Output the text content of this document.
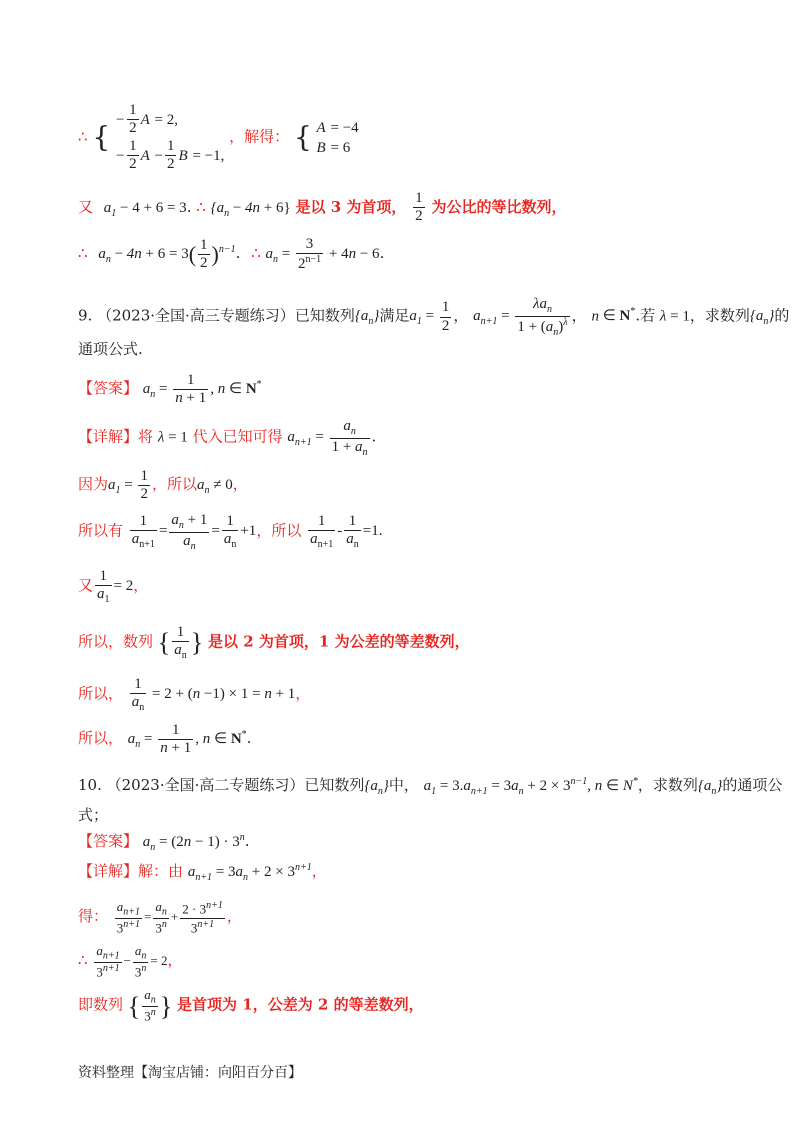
∴ {
− $\frac{1}{2}$ A = 2,
− $\frac{1}{2}$ $A - \frac{1}{2}$ B = −1,
，解得： { A = −4
B = 6
又 $a_1 - 4 + 6 = 3$. ∴ $\{a_n - 4n + 6\}$ 是以 3 为首项， $\frac{1}{2}$ 为公比的等比数列，
∴ $a_n - 4n + 6 = 3( \frac{1}{2} )^{n-1}$. ∴ $a_n = \frac{3}{2^{n-1}} + 4n - 6$.
9. （2023·全国·高三专题练习）已知数列$\{a_n\}$满足$a_1 = \frac{1}{2}$ ， $a_{n+1} = \frac{\lambda a_n}{1 + (a_n)^\lambda}$ ， n ∈ N*.若 λ = 1，求数列$\{a_n\}$的
通项公式.
【答案】 $a_n = \frac{1}{n + 1}$ , n ∈ N*
【详解】将 λ = 1 代入已知可得 $a_{n+1} = \frac{a_n}{1 + a_n}$ .
因为$a_1 = \frac{1}{2}$ ，所以$a_n \ne 0$，
所以有 $\frac{1}{a_{n+1}} = \frac{a_n + 1}{a_n} = \frac{1}{a_n} +1$，所以 $\frac{1}{a_{n+1}} - \frac{1}{a_n} =1$.
又 $\frac{1}{a_1} = 2$，
所以，数列 { $\frac{1}{a_n}$ } 是以 2 为首项，1 为公差的等差数列，
所以， $\frac{1}{a_n} = 2 + (n -1) \times 1 = n + 1$，
所以， $a_n = \frac{1}{n + 1}$ , n ∈ N*.
10. （2023·全国·高二专题练习）已知数列$\{a_n\}$中， $a_1 = 3.a_{n+1} = 3a_n + 2 \times 3^{n-1}$, n ∈ N*，求数列$\{a_n\}$的通项公
式；
【答案】 $a_n = (2n - 1) \cdot 3^n$.
【详解】解：由 $a_{n+1} = 3a_n + 2 \times 3^{n+1}$，
得： $\frac{a_{n+1}}{3^{n+1}} = \frac{a_n}{3^n} + \frac{2 \cdot 3^{n+1}}{3^{n+1}}$ ，
∴ $\frac{a_{n+1}}{3^{n+1}} - \frac{a_n}{3^n} = 2$，
即数列 { $\frac{a_n}{3^n}$ } 是首项为 1，公差为 2 的等差数列，
资料整理【淘宝店铺：向阳百分百】
